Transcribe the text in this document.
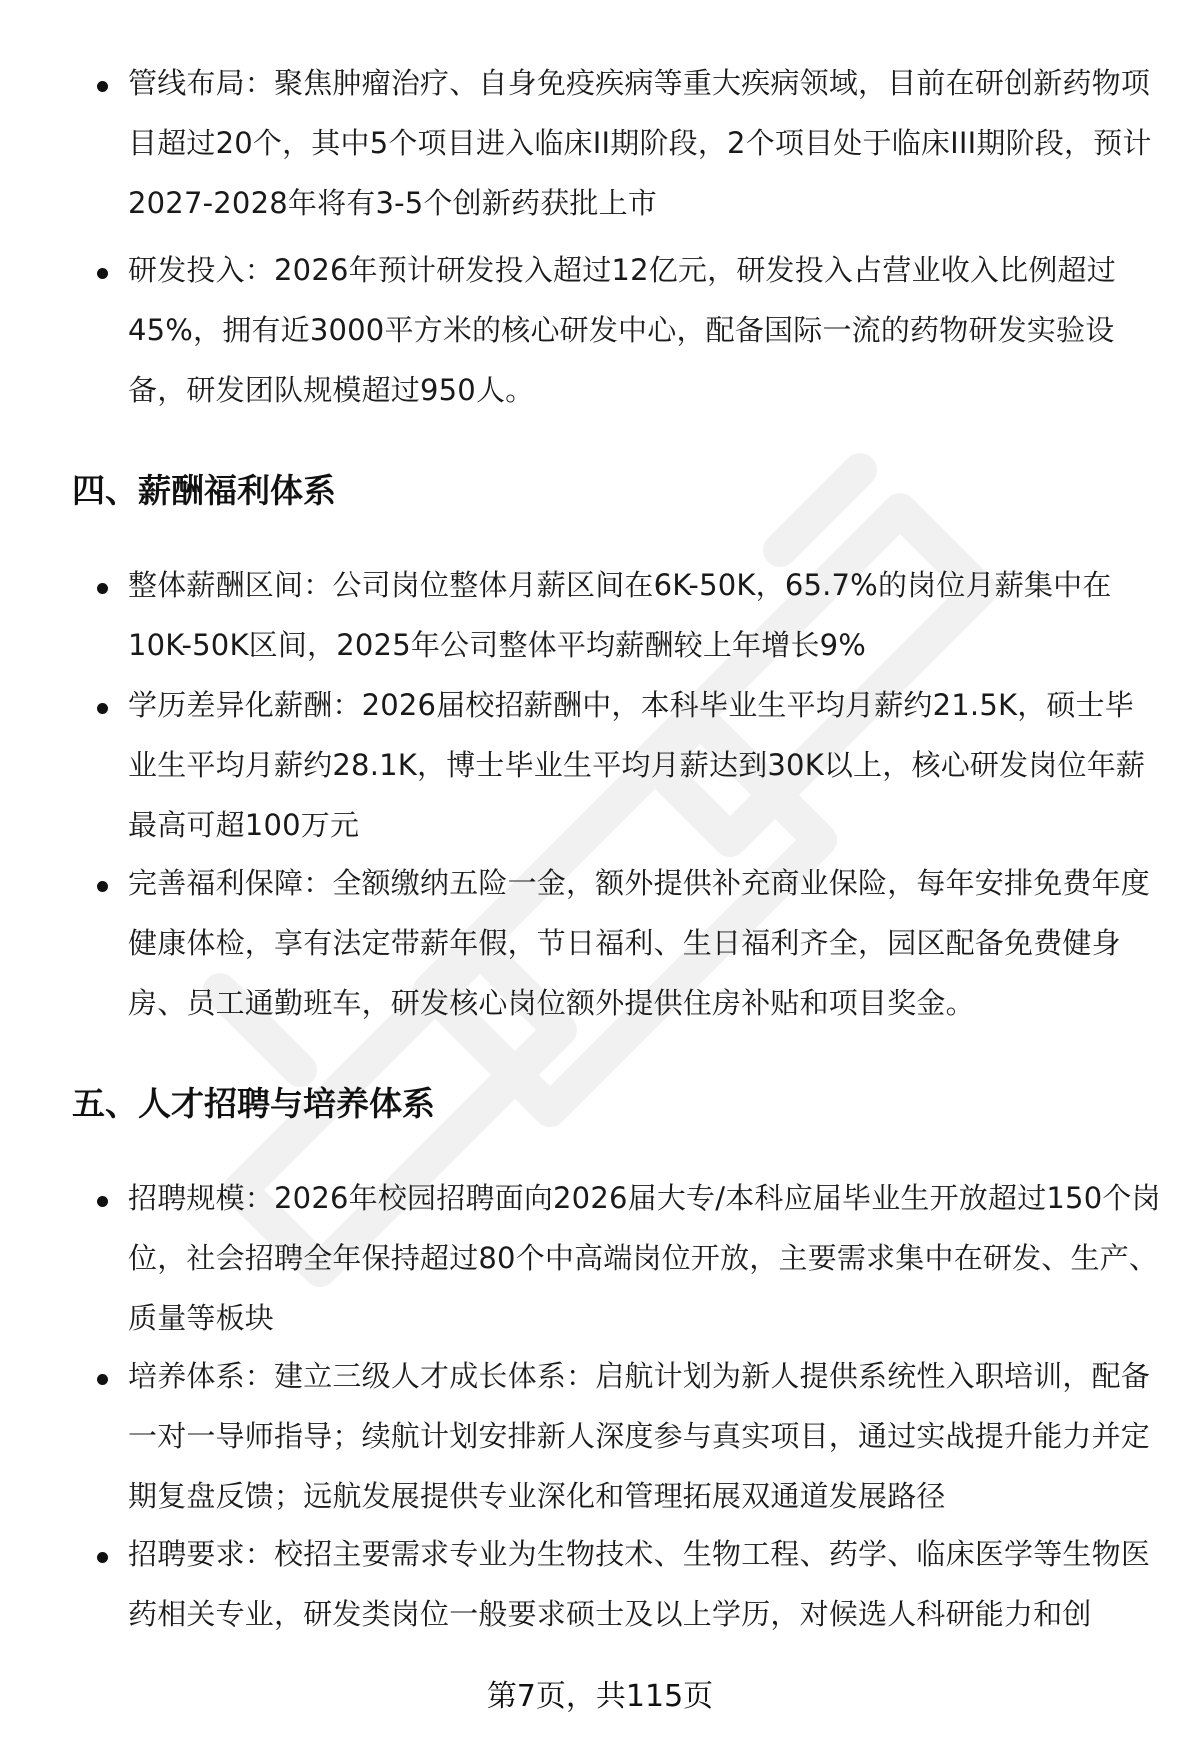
管线布局：聚焦肿瘤治疗、自身免疫疾病等重大疾病领域，目前在研创新药物项目超过20个，其中5个项目进入临床II期阶段，2个项目处于临床III期阶段，预计2027-2028年将有3-5个创新药获批上市
研发投入：2026年预计研发投入超过12亿元，研发投入占营业收入比例超过45%，拥有近3000平方米的核心研发中心，配备国际一流的药物研发实验设备，研发团队规模超过950人。
四、薪酬福利体系
整体薪酬区间：公司岗位整体月薪区间在6K-50K，65.7%的岗位月薪集中在10K-50K区间，2025年公司整体平均薪酬较上年增长9%
学历差异化薪酬：2026届校招薪酬中，本科毕业生平均月薪约21.5K，硕士毕业生平均月薪约28.1K，博士毕业生平均月薪达到30K以上，核心研发岗位年薪最高可超100万元
完善福利保障：全额缴纳五险一金，额外提供补充商业保险，每年安排免费年度健康体检，享有法定带薪年假，节日福利、生日福利齐全，园区配备免费健身房、员工通勤班车，研发核心岗位额外提供住房补贴和项目奖金。
五、人才招聘与培养体系
招聘规模：2026年校园招聘面向2026届大专/本科应届毕业生开放超过150个岗位，社会招聘全年保持超过80个中高端岗位开放，主要需求集中在研发、生产、质量等板块
培养体系：建立三级人才成长体系：启航计划为新人提供系统性入职培训，配备一对一导师指导；续航计划安排新人深度参与真实项目，通过实战提升能力并定期复盘反馈；远航发展提供专业深化和管理拓展双通道发展路径
招聘要求：校招主要需求专业为生物技术、生物工程、药学、临床医学等生物医药相关专业，研发类岗位一般要求硕士及以上学历，对候选人科研能力和创
第7页，共115页
